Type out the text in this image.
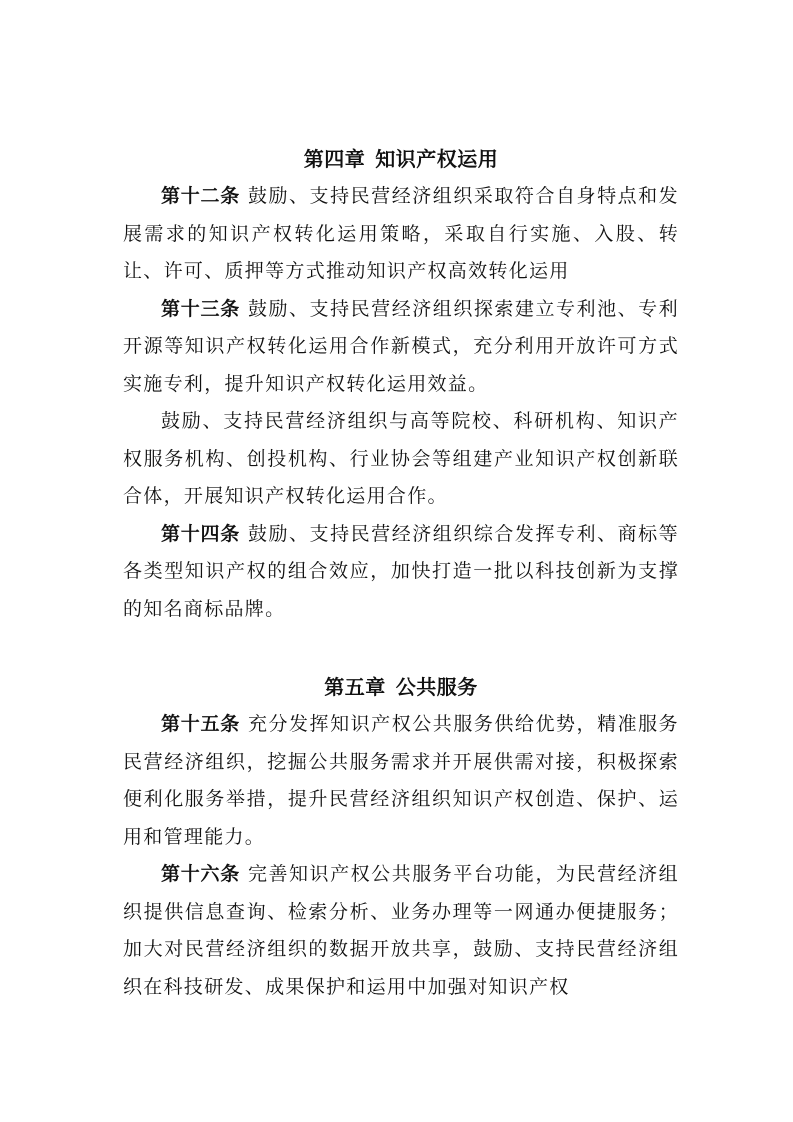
第四章 知识产权运用

第十二条 鼓励、支持民营经济组织采取符合自身特点和发展需求的知识产权转化运用策略，采取自行实施、入股、转让、许可、质押等方式推动知识产权高效转化运用

第十三条 鼓励、支持民营经济组织探索建立专利池、专利开源等知识产权转化运用合作新模式，充分利用开放许可方式实施专利，提升知识产权转化运用效益。

鼓励、支持民营经济组织与高等院校、科研机构、知识产权服务机构、创投机构、行业协会等组建产业知识产权创新联合体，开展知识产权转化运用合作。

第十四条 鼓励、支持民营经济组织综合发挥专利、商标等各类型知识产权的组合效应，加快打造一批以科技创新为支撑的知名商标品牌。

第五章 公共服务

第十五条 充分发挥知识产权公共服务供给优势，精准服务民营经济组织，挖掘公共服务需求并开展供需对接，积极探索便利化服务举措，提升民营经济组织知识产权创造、保护、运用和管理能力。

第十六条 完善知识产权公共服务平台功能，为民营经济组织提供信息查询、检索分析、业务办理等一网通办便捷服务；加大对民营经济组织的数据开放共享，鼓励、支持民营经济组织在科技研发、成果保护和运用中加强对知识产权
